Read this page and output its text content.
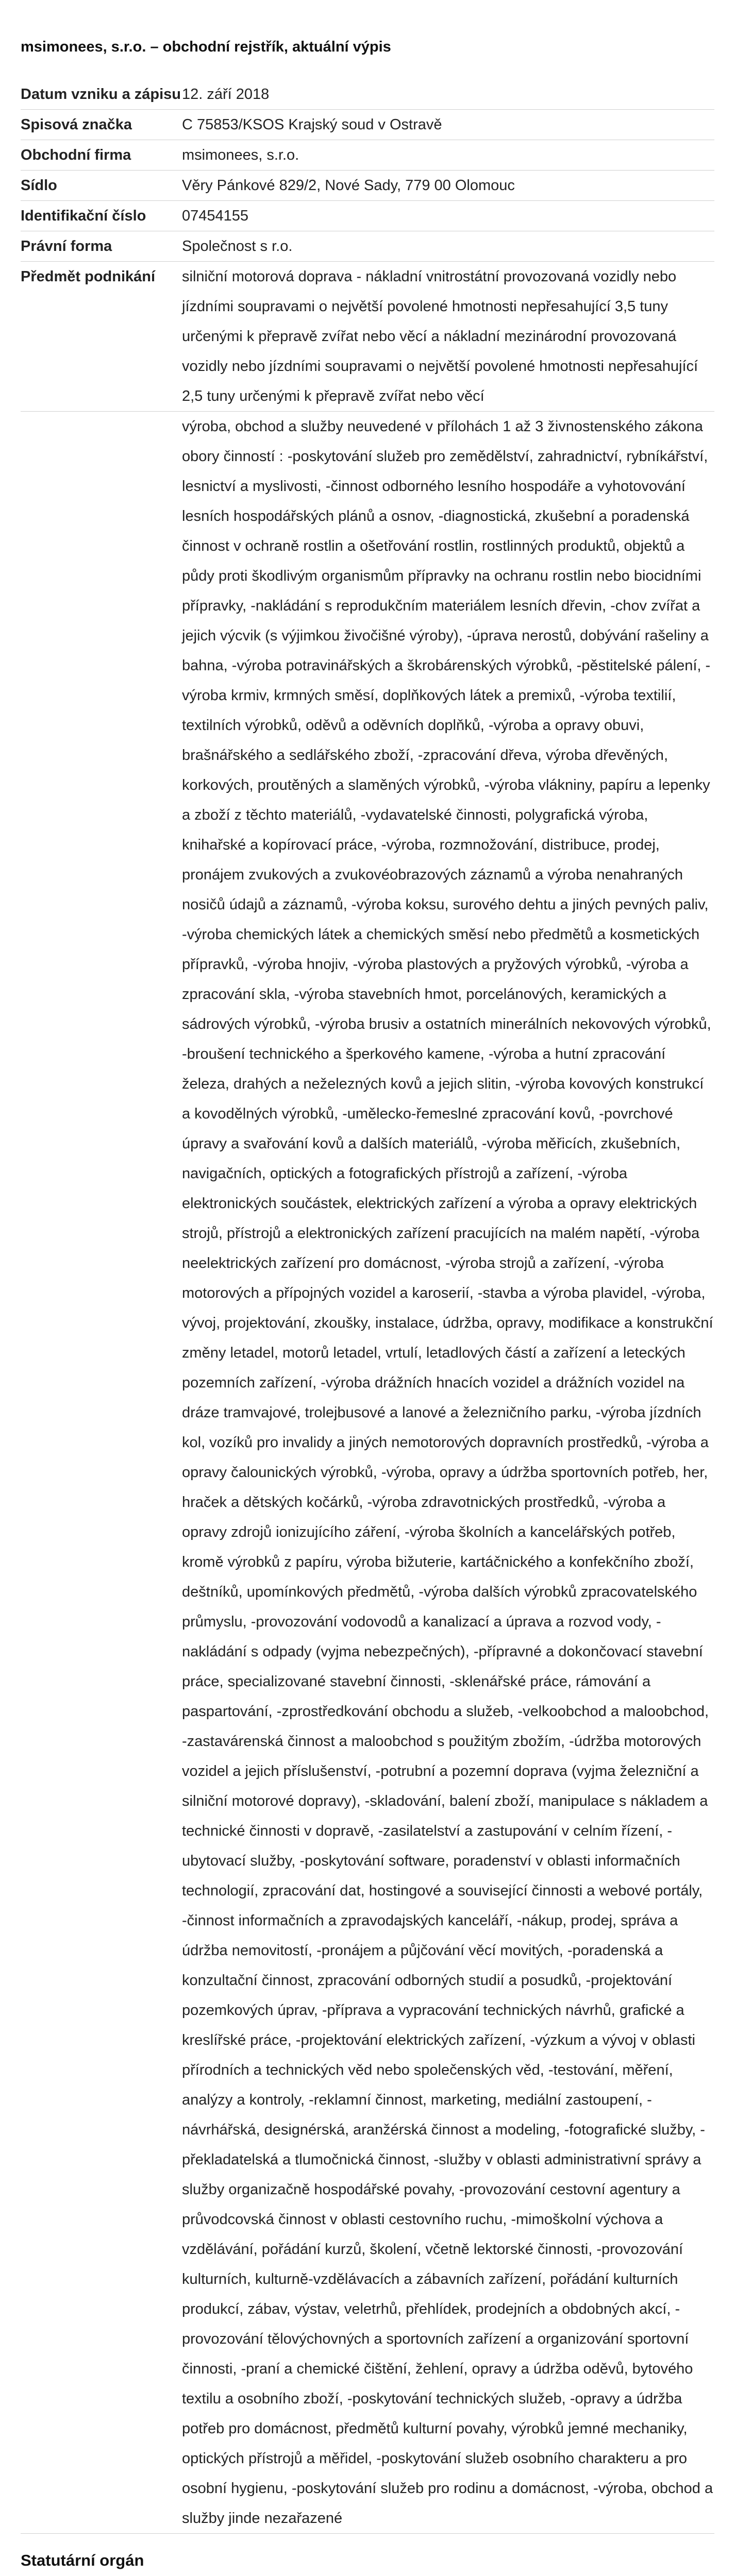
msimonees, s.r.o. – obchodní rejstřík, aktuální výpis
Datum vzniku a zápisu	12. září 2018
Spisová značka	C 75853/KSOS Krajský soud v Ostravě
Obchodní firma	msimonees, s.r.o.
Sídlo	Věry Pánkové 829/2, Nové Sady, 779 00 Olomouc
Identifikační číslo	07454155
Právní forma	Společnost s r.o.
Předmět podnikání	silniční motorová doprava - nákladní vnitrostátní provozovaná vozidly nebo jízdními soupravami o největší povolené hmotnosti nepřesahující 3,5 tuny určenými k přepravě zvířat nebo věcí a nákladní mezinárodní provozovaná vozidly nebo jízdními soupravami o největší povolené hmotnosti nepřesahující 2,5 tuny určenými k přepravě zvířat nebo věcí
	výroba, obchod a služby neuvedené v přílohách 1 až 3 živnostenského zákona obory činností : -poskytování služeb pro zemědělství, zahradnictví, rybníkářství, lesnictví a myslivosti, -činnost odborného lesního hospodáře a vyhotovování lesních hospodářských plánů a osnov, -diagnostická, zkušební a poradenská činnost v ochraně rostlin a ošetřování rostlin, rostlinných produktů, objektů a půdy proti škodlivým organismům přípravky na ochranu rostlin nebo biocidními přípravky, -nakládání s reprodukčním materiálem lesních dřevin, -chov zvířat a jejich výcvik (s výjimkou živočišné výroby), -úprava nerostů, dobývání rašeliny a bahna, -výroba potravinářských a škrobárenských výrobků, -pěstitelské pálení, -výroba krmiv, krmných směsí, doplňkových látek a premixů, -výroba textilií, textilních výrobků, oděvů a oděvních doplňků, -výroba a opravy obuvi, brašnářského a sedlářského zboží, -zpracování dřeva, výroba dřevěných, korkových, proutěných a slaměných výrobků, -výroba vlákniny, papíru a lepenky a zboží z těchto materiálů, -vydavatelské činnosti, polygrafická výroba, knihařské a kopírovací práce, -výroba, rozmnožování, distribuce, prodej, pronájem zvukových a zvukovéobrazových záznamů a výroba nenahraných nosičů údajů a záznamů, -výroba koksu, surového dehtu a jiných pevných paliv, -výroba chemických látek a chemických směsí nebo předmětů a kosmetických přípravků, -výroba hnojiv, -výroba plastových a pryžových výrobků, -výroba a zpracování skla, -výroba stavebních hmot, porcelánových, keramických a sádrových výrobků, -výroba brusiv a ostatních minerálních nekovových výrobků, -broušení technického a šperkového kamene, -výroba a hutní zpracování železa, drahých a neželezných kovů a jejich slitin, -výroba kovových konstrukcí a kovodělných výrobků, -umělecko-řemeslné zpracování kovů, -povrchové úpravy a svařování kovů a dalších materiálů, -výroba měřicích, zkušebních, navigačních, optických a fotografických přístrojů a zařízení, -výroba elektronických součástek, elektrických zařízení a výroba a opravy elektrických strojů, přístrojů a elektronických zařízení pracujících na malém napětí, -výroba neelektrických zařízení pro domácnost, -výroba strojů a zařízení, -výroba motorových a přípojných vozidel a karoserií, -stavba a výroba plavidel, -výroba, vývoj, projektování, zkoušky, instalace, údržba, opravy, modifikace a konstrukční změny letadel, motorů letadel, vrtulí, letadlových částí a zařízení a leteckých pozemních zařízení, -výroba drážních hnacích vozidel a drážních vozidel na dráze tramvajové, trolejbusové a lanové a železničního parku, -výroba jízdních kol, vozíků pro invalidy a jiných nemotorových dopravních prostředků, -výroba a opravy čalounických výrobků, -výroba, opravy a údržba sportovních potřeb, her, hraček a dětských kočárků, -výroba zdravotnických prostředků, -výroba a opravy zdrojů ionizujícího záření, -výroba školních a kancelářských potřeb, kromě výrobků z papíru, výroba bižuterie, kartáčnického a konfekčního zboží, deštníků, upomínkových předmětů, -výroba dalších výrobků zpracovatelského průmyslu, -provozování vodovodů a kanalizací a úprava a rozvod vody, -nakládání s odpady (vyjma nebezpečných), -přípravné a dokončovací stavební práce, specializované stavební činnosti, -sklenářské práce, rámování a paspartování, -zprostředkování obchodu a služeb, -velkoobchod a maloobchod, -zastavárenská činnost a maloobchod s použitým zbožím, -údržba motorových vozidel a jejich příslušenství, -potrubní a pozemní doprava (vyjma železniční a silniční motorové dopravy), -skladování, balení zboží, manipulace s nákladem a technické činnosti v dopravě, -zasilatelství a zastupování v celním řízení, -ubytovací služby, -poskytování software, poradenství v oblasti informačních technologií, zpracování dat, hostingové a související činnosti a webové portály, -činnost informačních a zpravodajských kanceláří, -nákup, prodej, správa a údržba nemovitostí, -pronájem a půjčování věcí movitých, -poradenská a konzultační činnost, zpracování odborných studií a posudků, -projektování pozemkových úprav, -příprava a vypracování technických návrhů, grafické a kreslířské práce, -projektování elektrických zařízení, -výzkum a vývoj v oblasti přírodních a technických věd nebo společenských věd, -testování, měření, analýzy a kontroly, -reklamní činnost, marketing, mediální zastoupení, -návrhářská, designérská, aranžérská činnost a modeling, -fotografické služby, -překladatelská a tlumočnická činnost, -služby v oblasti administrativní správy a služby organizačně hospodářské povahy, -provozování cestovní agentury a průvodcovská činnost v oblasti cestovního ruchu, -mimoškolní výchova a vzdělávání, pořádání kurzů, školení, včetně lektorské činnosti, -provozování kulturních, kulturně-vzdělávacích a zábavních zařízení, pořádání kulturních produkcí, zábav, výstav, veletrhů, přehlídek, prodejních a obdobných akcí, -provozování tělovýchovných a sportovních zařízení a organizování sportovní činnosti, -praní a chemické čištění, žehlení, opravy a údržba oděvů, bytového textilu a osobního zboží, -poskytování technických služeb, -opravy a údržba potřeb pro domácnost, předmětů kulturní povahy, výrobků jemné mechaniky, optických přístrojů a měřidel, -poskytování služeb osobního charakteru a pro osobní hygienu, -poskytování služeb pro rodinu a domácnost, -výroba, obchod a služby jinde nezařazené
Statutární orgán
